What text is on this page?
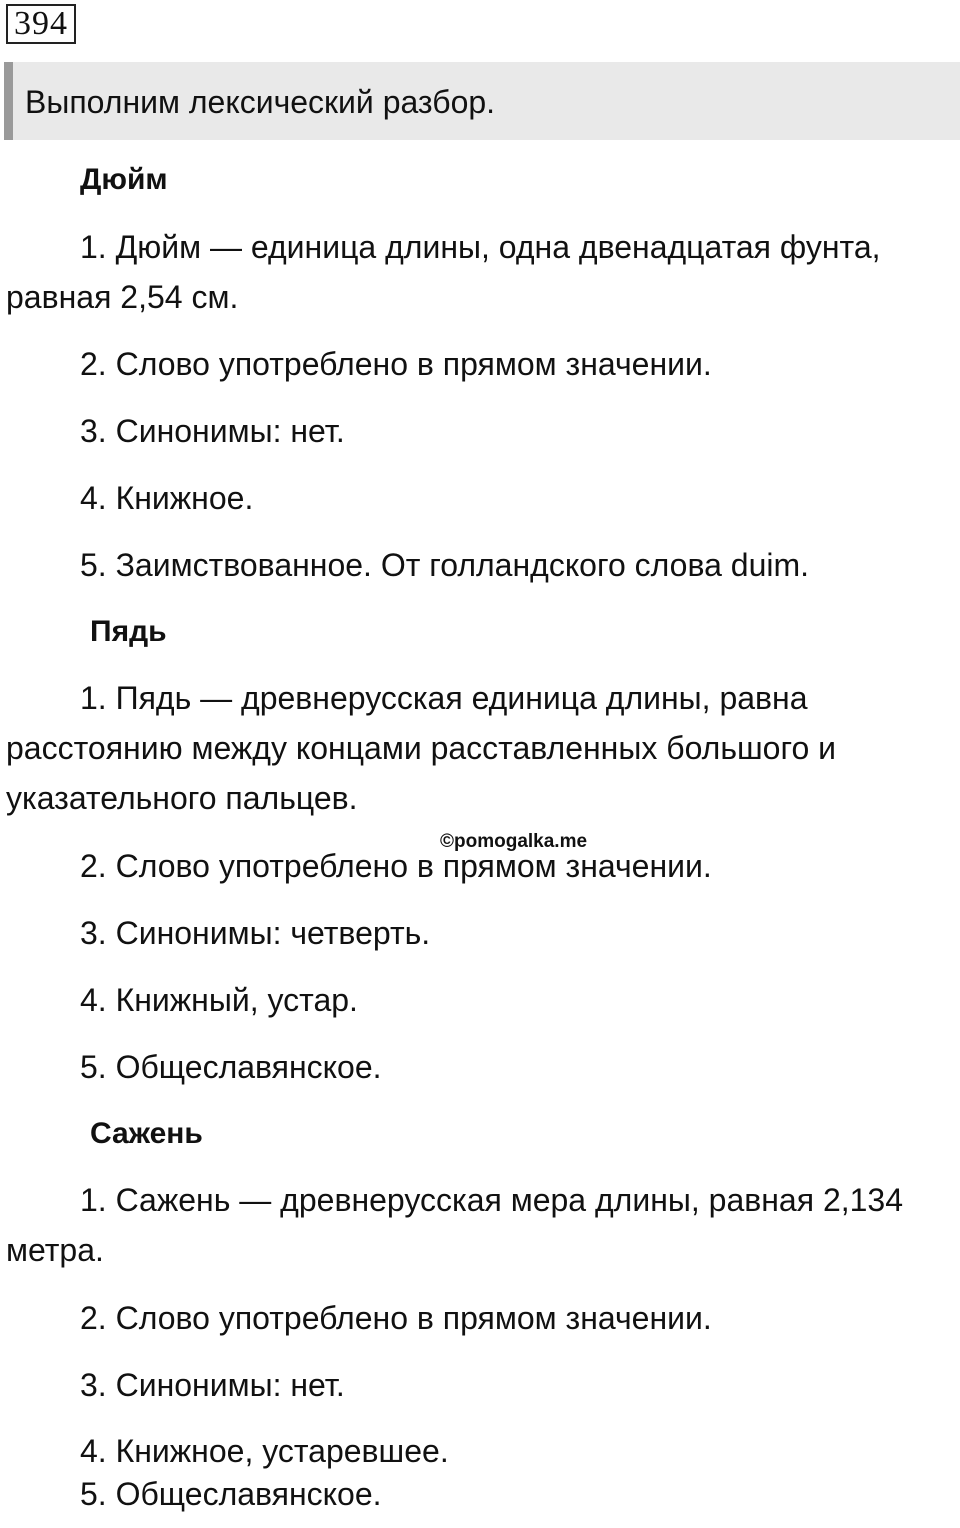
394
Выполним лексический разбор.
Дюйм
1. Дюйм — единица длины, одна двенадцатая фунта, равная 2,54 см.
2. Слово употреблено в прямом значении.
3. Синонимы: нет.
4. Книжное.
5. Заимствованное. От голландского слова duim.
Пядь
1. Пядь — древнерусская единица длины, равна расстоянию между концами расставленных большого и указательного пальцев.
©pomogalka.me
2. Слово употреблено в прямом значении.
3. Синонимы: четверть.
4. Книжный, устар.
5. Общеславянское.
Сажень
1. Сажень — древнерусская мера длины, равная 2,134 метра.
2. Слово употреблено в прямом значении.
3. Синонимы: нет.
4. Книжное, устаревшее.
5. Общеславянское.
